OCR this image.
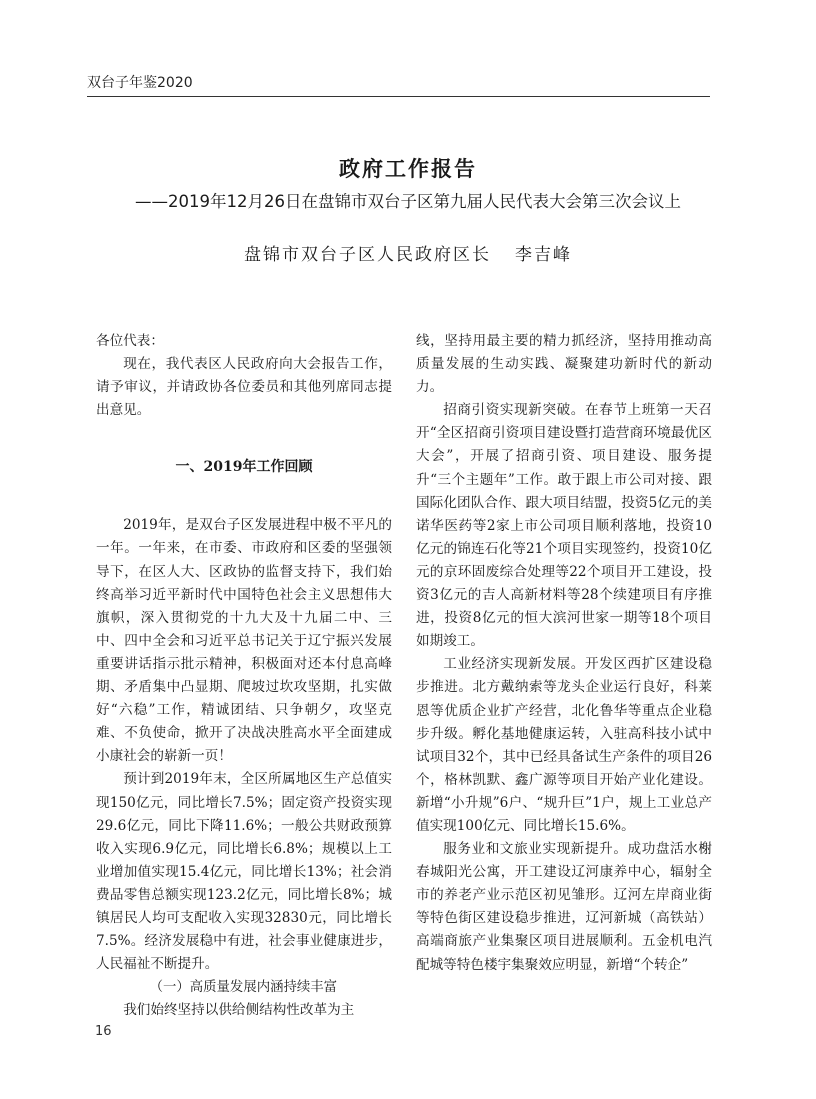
双台子年鉴2020
政府工作报告
——2019年12月26日在盘锦市双台子区第九届人民代表大会第三次会议上
盘锦市双台子区人民政府区长 李吉峰

各位代表：

现在，我代表区人民政府向大会报告工作，请予审议，并请政协各位委员和其他列席同志提出意见。

一、2019年工作回顾

2019年，是双台子区发展进程中极不平凡的一年。一年来，在市委、市政府和区委的坚强领导下，在区人大、区政协的监督支持下，我们始终高举习近平新时代中国特色社会主义思想伟大旗帜，深入贯彻党的十九大及十九届二中、三中、四中全会和习近平总书记关于辽宁振兴发展重要讲话指示批示精神，积极面对还本付息高峰期、矛盾集中凸显期、爬坡过坎攻坚期，扎实做好“六稳”工作，精诚团结、只争朝夕，攻坚克难、不负使命，掀开了决战决胜高水平全面建成小康社会的崭新一页！

预计到2019年末，全区所属地区生产总值实现150亿元，同比增长7.5%；固定资产投资实现29.6亿元，同比下降11.6%；一般公共财政预算收入实现6.9亿元，同比增长6.8%；规模以上工业增加值实现15.4亿元，同比增长13%；社会消费品零售总额实现123.2亿元，同比增长8%；城镇居民人均可支配收入实现32830元，同比增长7.5%。经济发展稳中有进，社会事业健康进步，人民福祉不断提升。

（一）高质量发展内涵持续丰富

我们始终坚持以供给侧结构性改革为主

线，坚持用最主要的精力抓经济，坚持用推动高质量发展的生动实践、凝聚建功新时代的新动力。

招商引资实现新突破。在春节上班第一天召开“全区招商引资项目建设暨打造营商环境最优区大会”，开展了招商引资、项目建设、服务提升“三个主题年”工作。敢于跟上市公司对接、跟国际化团队合作、跟大项目结盟，投资5亿元的美诺华医药等2家上市公司项目顺利落地，投资10亿元的锦连石化等21个项目实现签约，投资10亿元的京环固废综合处理等22个项目开工建设，投资3亿元的吉人高新材料等28个续建项目有序推进，投资8亿元的恒大滨河世家一期等18个项目如期竣工。

工业经济实现新发展。开发区西扩区建设稳步推进。北方戴纳索等龙头企业运行良好，科莱恩等优质企业扩产经营，北化鲁华等重点企业稳步升级。孵化基地健康运转，入驻高科技小试中试项目32个，其中已经具备试生产条件的项目26个，格林凯默、鑫广源等项目开始产业化建设。新增“小升规”6户、“规升巨”1户，规上工业总产值实现100亿元、同比增长15.6%。

服务业和文旅业实现新提升。成功盘活水榭春城阳光公寓，开工建设辽河康养中心，辐射全市的养老产业示范区初见雏形。辽河左岸商业街等特色街区建设稳步推进，辽河新城（高铁站）高端商旅产业集聚区项目进展顺利。五金机电汽配城等特色楼宇集聚效应明显，新增“个转企”

16
